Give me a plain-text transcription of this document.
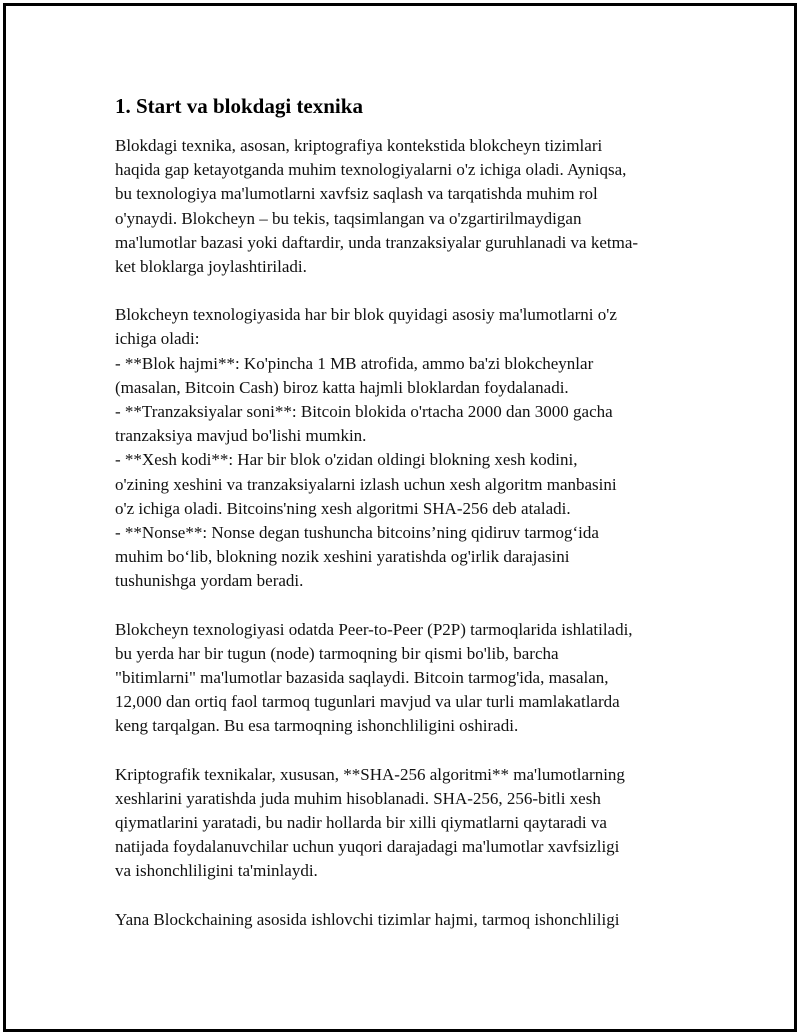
1. Start va blokdagi texnika

Blokdagi texnika, asosan, kriptografiya kontekstida blokcheyn tizimlari
haqida gap ketayotganda muhim texnologiyalarni o'z ichiga oladi. Ayniqsa,
bu texnologiya ma'lumotlarni xavfsiz saqlash va tarqatishda muhim rol
o'ynaydi. Blokcheyn – bu tekis, taqsimlangan va o'zgartirilmaydigan
ma'lumotlar bazasi yoki daftardir, unda tranzaksiyalar guruhlanadi va ketma-
ket bloklarga joylashtiriladi.

Blokcheyn texnologiyasida har bir blok quyidagi asosiy ma'lumotlarni o'z
ichiga oladi:
- **Blok hajmi**: Ko'pincha 1 MB atrofida, ammo ba'zi blokcheynlar
(masalan, Bitcoin Cash) biroz katta hajmli bloklardan foydalanadi.
- **Tranzaksiyalar soni**: Bitcoin blokida o'rtacha 2000 dan 3000 gacha
tranzaksiya mavjud bo'lishi mumkin.
- **Xesh kodi**: Har bir blok o'zidan oldingi blokning xesh kodini,
o'zining xeshini va tranzaksiyalarni izlash uchun xesh algoritm manbasini
o'z ichiga oladi. Bitcoins'ning xesh algoritmi SHA-256 deb ataladi.
- **Nonse**: Nonse degan tushuncha bitcoins’ning qidiruv tarmog‘ida
muhim bo‘lib, blokning nozik xeshini yaratishda og'irlik darajasini
tushunishga yordam beradi.

Blokcheyn texnologiyasi odatda Peer-to-Peer (P2P) tarmoqlarida ishlatiladi,
bu yerda har bir tugun (node) tarmoqning bir qismi bo'lib, barcha
"bitimlarni" ma'lumotlar bazasida saqlaydi. Bitcoin tarmog'ida, masalan,
12,000 dan ortiq faol tarmoq tugunlari mavjud va ular turli mamlakatlarda
keng tarqalgan. Bu esa tarmoqning ishonchliligini oshiradi.

Kriptografik texnikalar, xususan, **SHA-256 algoritmi** ma'lumotlarning
xeshlarini yaratishda juda muhim hisoblanadi. SHA-256, 256-bitli xesh
qiymatlarini yaratadi, bu nadir hollarda bir xilli qiymatlarni qaytaradi va
natijada foydalanuvchilar uchun yuqori darajadagi ma'lumotlar xavfsizligi
va ishonchliligini ta'minlaydi.

Yana Blockchaining asosida ishlovchi tizimlar hajmi, tarmoq ishonchliligi
